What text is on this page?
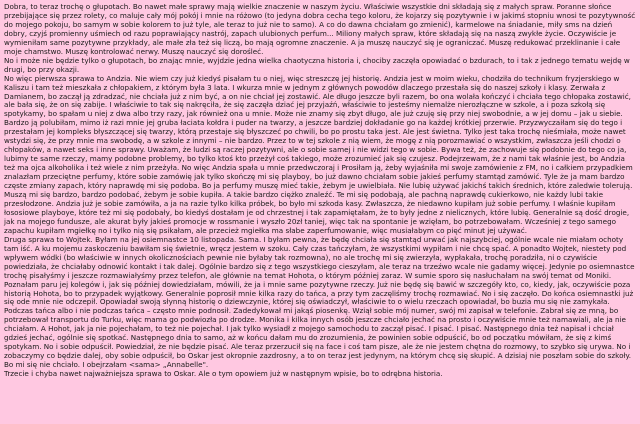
Dobra, to teraz trochę o głupotach. Bo nawet małe sprawy mają wielkie znaczenie w naszym życiu. Właściwie wszystkie dni składają się z małych spraw. Poranne słońce przebijające się przez rolety, co maluje cały mój pokój i mnie na różowo (to jedyna dobra cecha tego koloru, że kojarzy się pozytywnie i w jakimś stopniu wnosi te pozytywność do mojego pokoju, bo samym w sobie kolorem to już tyle, ale teraz to już nie to samo). A co do dawna chciałam go zmienić), karmelowe na śniadanie, miły sms na dzień dobry, czyjś promienny uśmiech od razu poprawiający nastrój, zapach ulubionych perfum... Miliony małych spraw, które składają się na naszą zwykłe życie. Oczywiście je wymieniłam same pozytywne przykłady, ale małe zła też się liczą, bo mają ogromne znaczenie. A ja muszę nauczyć się je ograniczać. Muszę redukować przeklinanie i całe moje chamstwo. Muszę kontrolować nerwy. Muszę nauczyć się dorośleć.

No i może nie będzie tylko o głupotach, bo znając mnie, wyjdzie jedna wielka chaotyczna historia i, chociby zaczęła opowiadać o bzdurach, to i tak z jednego tematu wejdę w drugi, bo przy okazji.

No więc pierwsza sprawa to Andzia. Nie wiem czy już kiedyś pisałam tu o niej, więc streszczę jej historię. Andzia jest w moim wieku, chodziła do technikum fryzjerskiego w Kaliszu i tam też mieszkała z chłopakiem, z którym była 3 lata. I wkurza mnie w jednym z głównych powodów dlaczego przestała się do naszej szkoły i klasy. Zerwała z Damianem, bo zaczął ją zdradzać, nie chciała już z nim być, a on nie chciał jej zostawić. Ale długo jeszcze byli razem, bo ona wolała kończyć i chciała tego chłopaka zostawić, ale bała się, że on się zabije. I właściwie to tak się nakręciła, że się zaczęła dziać jej przyjaźń, właściwie to jesteśmy niemalże nierozłączne w szkole, a i poza szkołą się spotykamy, bo spałam u niej z dwa albo trzy razy, jak również ona u mnie. Może nie znamy się zbyt długo, ale już czuję się przy niej swobodnie, a w jej domu – jak u siebie. Bardzo ją polubiłam, mimo iż razi mnie jej gruba łaciata kołdra i puder na twarzy, a jeszcze bardziej dokładanie go na każdej krótkiej przerwie. Przyzwyczaiłam się do tego i przestałam jej kompleks błyszczącej się twarzy, którą przestaje się błyszczeć po chwili, bo po prostu taka jest. Ale jest świetna. Tylko jest taka trochę nieśmiała, może nawet wstydzi się, że przy mnie ma swobodę, a w szkole z innymi – nie bardzo. Przez to w tej szkole z nią wiem, że mogę z nią porozmawiać o wszystkim, zwłaszcza jeśli chodzi o chłopaków, a nawet seks i inne sprawy. Uważam, że ludzi są raczej pozytywni, ale o sobie samej i nie widzi tego w sobie. Bywa też, że zachowuje się podobnie do tego co ja, lubimy te same rzeczy, mamy podobne problemy, bo tylko ktoś kto przeżył coś takiego, może zrozumieć jak się czujesz. Podejrzewam, że z nami tak właśnie jest, bo Andzia też ma ojca alkoholika i też wiele z nim przeżyła. No więc Andzia spała u mnie przedwczoraj i Prosiłam ją, żeby wyjaśniła mi swoje zamówienie z FM, no i całkiem przypadkiem znalazłam przeciętne perfumy, które sobie zamówię jak tylko skończę mi się playboy, bo już dawno chciałam sobie jakieś perfumy stamtąd zamówić. Tyle że ja mam bardzo częste zmiany zapach, który naprawdę mi się podoba. Bo ja perfumy muszę mieć takie, żebym je uwielbiała. Nie lubię używać jakichś takich średnich, które zaledwie tolerują. Muszą mi się bardzo, bardzo podobać, żebym je sobie kupiła. A takie bardzo ciężko znaleźć. Te mi się podobają, ale pachną naprawdę cukierkowo, nie każdy lubi takie przesłodzone. Andzia już je sobie zamówiła, a ja na razie tylko kilka próbek, bo było mi szkoda kasy. Zwłaszcza, że niedawno kupiłam już sobie perfumy. I właśnie kupiłam łososiowe playboye, które też mi się podobały, bo kiedyś dostałam je od chrzestnej i tak zapamiętałam, że to były jedne z nielicznych, które lubię. Generalnie są dość drogie, jak na mojego fundusze, ale akurat były jakieś promocje w rossmanie i wyszło 20zł taniej, więc tak na spontanie je wzięłam, bo potrzebowałam. Wcześniej z tego samego zapachu kupiłam mgiełkę no i tylko nią się psikałam, ale przecież mgiełka ma słabe zaperfumowanie, więc musiałabym co pięć minut jej używać.

Druga sprawa to Wojtek. Byłam na jej osiemnastce 10 listopada. Sama. I byłam pewna, że będę chciała się stamtąd urwać jak najszybciej, ogólnie wcale nie miałam ochoty tam iść. A ku mojemu zaskoczeniu bawiłam się świetnie, wręcz jestem w szoku. Cały czas tańczyłam, że wszystkimi wypiłam i nie chcę spać. A ponadto Wojtek, niestety pod wpływem wódki (bo właściwie w innych okolicznościach pewnie nie byłaby tak rozmowna), no ale trochę mi się zwierzyła, wypłakała, trochę poradziła, ni o czywiście powiedziała, że chciałaby odnowić kontakt i tak dalej. Ogólnie bardzo się z tego wszystkiego cieszyłam, ale teraz na trzeźwo wcale nie gadamy więcej. Jedynie po osiemnastce trochę pisałyśmy i jeszcze rozmawiałyśmy przez telefon, ale głównie na temat Hohota, o którym później zaraz. W sumie sporo się nasłuchałam na swój temat od Moniki. Poznałam paru jej kolegów i, jak się później dowiedziałam, mówili, że ja i mnie same pozytywne rzeczy. Już nie będę się bawić w szczegóły kto, co, kiedy, jak, oczywiście poza historią Hohota, bo to przypadek wyjątkowy. Generalnie poprosił mnie kilka razy do tańca, a przy tym zaczęliśmy trochę rozmawiać. No i się zaczęło. Do końca osiemnastki już się ode mnie nie odczepił. Opowiadał swoją słynną historię o dziewczynie, której się oświadczył, właściwie to o wielu rzeczach opowiadał, bo buzia mu się nie zamykała. Podczas tańca albo i nie podczas tańca – często mnie podnosił. Zadedykował mi jakąś piosenkę. Wziął sobie mój numer, swój mi zapisał w telefonie. Zabrał się ze mną, bo potrzebował transportu do Turku, więc mama go podwiozła po drodze. Monika i kilka innych osób jeszcze chciało jechać na prosto i oczywiście mnie też namawiali, ale ja nie chciałam. A Hohot, jak ja nie pojechałam, to też nie pojechał. I jak tylko wysiadł z mojego samochodu to zaczął pisać. I pisać. I pisać. Następnego dnia też napisał i chciał gdzieś jechać, ogólnie się spotkać. Następnego dnia to samo, aż w końcu dałam mu do zrozumienia, że powinien sobie odpuścić, bo od początku mówiłam, że się z kimś spotykam. No i sobie odpuścił. Powiedział, że nie będzie pisać. Ale teraz przerzucił się na face i coś tam pisze, ale że nie jestem chętna do rozmowy, to szybko się urywa. No i zobaczymy co będzie dalej, oby sobie odpuścił, bo Oskar jest okropnie zazdrosny, a to on teraz jest jedynym, na którym chcę się skupić. A dzisiaj nie poszłam sobie do szkoły. Bo mi się nie chciało. I obejrzałam <sama> „Annabelle".

Trzecie i chyba nawet najważniejsza sprawa to Oskar. Ale o tym opowiem już w następnym wpisie, bo to odrębna historia.
